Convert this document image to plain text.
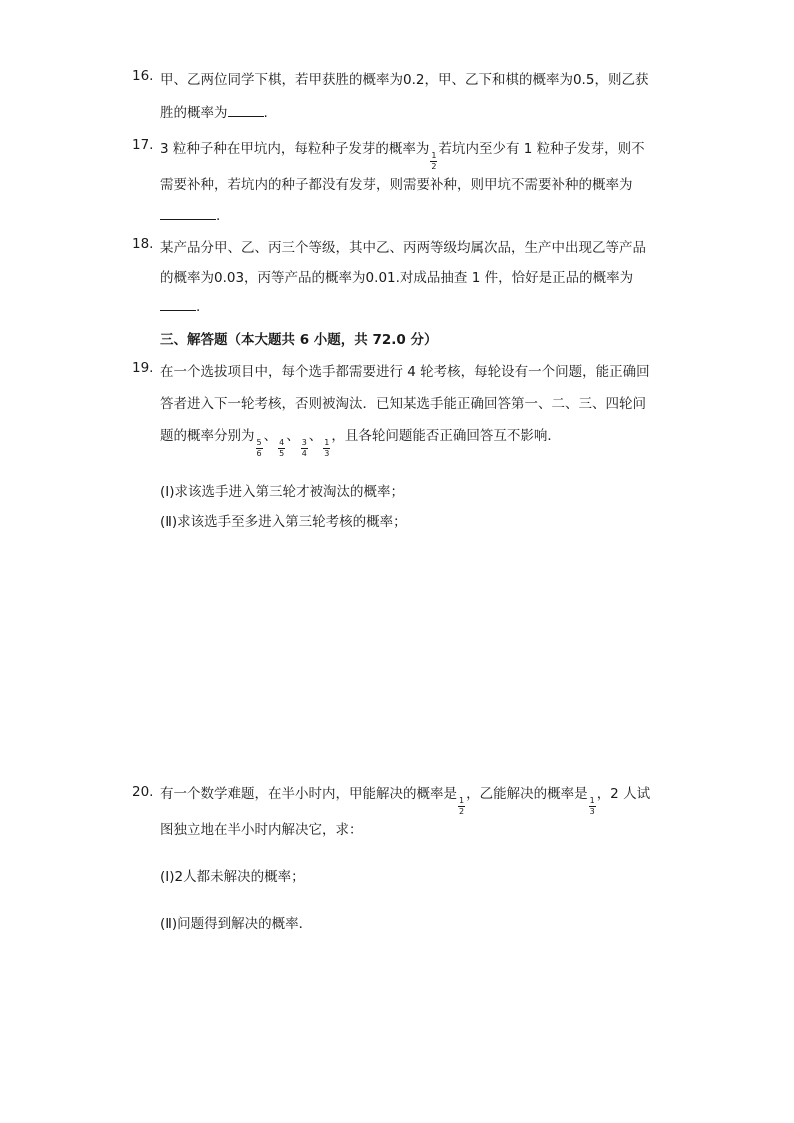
16. 甲、乙两位同学下棋，若甲获胜的概率为0.2，甲、乙下和棋的概率为0.5，则乙获
胜的概率为	.
17. 3 粒种子种在甲坑内，每粒种子发芽的概率为
$\frac{1}{2}$
若坑内至少有 1 粒种子发芽，则不
需要补种，若坑内的种子都没有发芽，则需要补种，则甲坑不需要补种的概率为
.
18. 某产品分甲、乙、丙三个等级，其中乙、丙两等级均属次品，生产中出现乙等产品
的概率为0.03，丙等产品的概率为0.01.对成品抽查 1 件，恰好是正品的概率为
.
三、解答题（本大题共 6 小题，共 72.0 分）
19. 在一个选拔项目中，每个选手都需要进行 4 轮考核，每轮设有一个问题，能正确回
答者进入下一轮考核，否则被淘汰．已知某选手能正确回答第一、二、三、四轮问
题的概率分别为
$\frac{5}{6}$
、
$\frac{4}{5}$
、
$\frac{3}{4}$
、
$\frac{1}{3}$
，且各轮问题能否正确回答互不影响．
(Ⅰ)求该选手进入第三轮才被淘汰的概率；
(Ⅱ)求该选手至多进入第三轮考核的概率；
20. 有一个数学难题，在半小时内，甲能解决的概率是
$\frac{1}{2}$
，乙能解决的概率是
$\frac{1}{3}$
，2 人试
图独立地在半小时内解决它，求：
(Ⅰ)2人都未解决的概率；
(Ⅱ)问题得到解决的概率．
